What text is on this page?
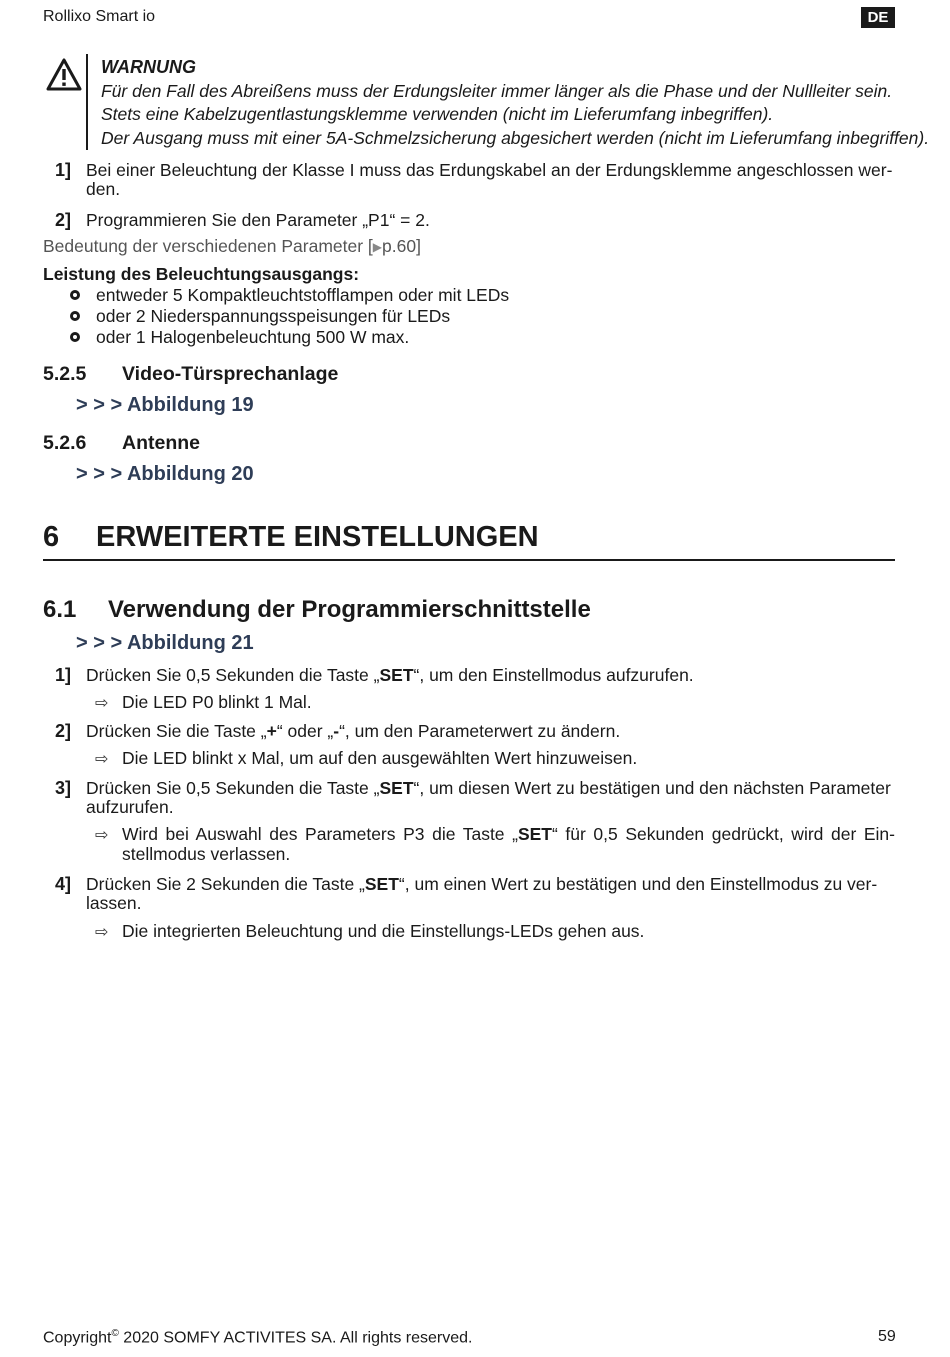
Rollixo Smart io	DE
WARNUNG
Für den Fall des Abreißens muss der Erdungsleiter immer länger als die Phase und der Nullleiter sein.
Stets eine Kabelzugentlastungsklemme verwenden (nicht im Lieferumfang inbegriffen).
Der Ausgang muss mit einer 5A-Schmelzsicherung abgesichert werden (nicht im Lieferumfang inbegriffen).
1] Bei einer Beleuchtung der Klasse I muss das Erdungskabel an der Erdungsklemme angeschlossen wer-
den.
2] Programmieren Sie den Parameter „P1“ = 2.
Bedeutung der verschiedenen Parameter [▶p.60]
Leistung des Beleuchtungsausgangs:
entweder 5 Kompaktleuchtstofflampen oder mit LEDs
oder 2 Niederspannungsspeisungen für LEDs
oder 1 Halogenbeleuchtung 500 W max.
5.2.5 Video-Türsprechanlage
> > > Abbildung 19
5.2.6 Antenne
> > > Abbildung 20
6 ERWEITERTE EINSTELLUNGEN
6.1 Verwendung der Programmierschnittstelle
> > > Abbildung 21
1] Drücken Sie 0,5 Sekunden die Taste „SET“, um den Einstellmodus aufzurufen.
⇨ Die LED P0 blinkt 1 Mal.
2] Drücken Sie die Taste „+“ oder „-“, um den Parameterwert zu ändern.
⇨ Die LED blinkt x Mal, um auf den ausgewählten Wert hinzuweisen.
3] Drücken Sie 0,5 Sekunden die Taste „SET“, um diesen Wert zu bestätigen und den nächsten Parameter aufzurufen.
⇨ Wird bei Auswahl des Parameters P3 die Taste „SET“ für 0,5 Sekunden gedrückt, wird der Ein-stellmodus verlassen.
4] Drücken Sie 2 Sekunden die Taste „SET“, um einen Wert zu bestätigen und den Einstellmodus zu ver-lassen.
⇨ Die integrierten Beleuchtung und die Einstellungs-LEDs gehen aus.
Copyright© 2020 SOMFY ACTIVITES SA. All rights reserved.	59
